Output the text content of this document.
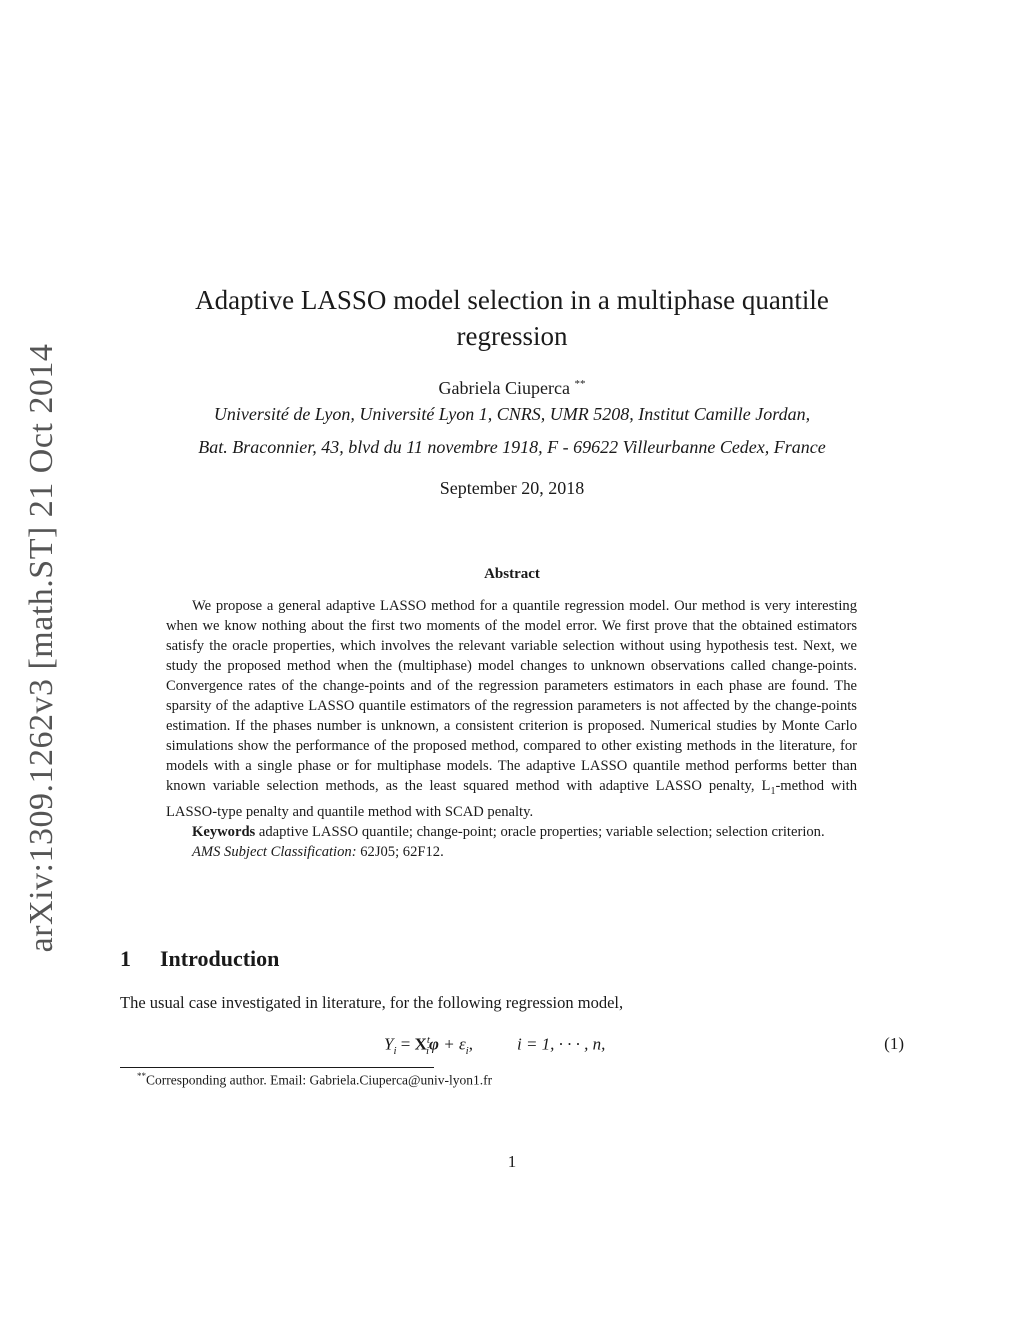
arXiv:1309.1262v3 [math.ST] 21 Oct 2014
Adaptive LASSO model selection in a multiphase quantile regression
Gabriela Ciuperca **
Université de Lyon, Université Lyon 1, CNRS, UMR 5208, Institut Camille Jordan,
Bat. Braconnier, 43, blvd du 11 novembre 1918, F - 69622 Villeurbanne Cedex, France
September 20, 2018
Abstract

We propose a general adaptive LASSO method for a quantile regression model. Our method is very interesting when we know nothing about the first two moments of the model error. We first prove that the obtained estimators satisfy the oracle properties, which involves the relevant variable selection without using hypothesis test. Next, we study the proposed method when the (multiphase) model changes to unknown observations called change-points. Convergence rates of the change-points and of the regression parameters estimators in each phase are found. The sparsity of the adaptive LASSO quantile estimators of the regression parameters is not affected by the change-points estimation. If the phases number is unknown, a consistent criterion is proposed. Numerical studies by Monte Carlo simulations show the performance of the proposed method, compared to other existing methods in the literature, for models with a single phase or for multiphase models. The adaptive LASSO quantile method performs better than known variable selection methods, as the least squared method with adaptive LASSO penalty, $L_1$-method with LASSO-type penalty and quantile method with SCAD penalty.

Keywords adaptive LASSO quantile; change-point; oracle properties; variable selection; selection criterion.

AMS Subject Classification: 62J05; 62F12.

1 Introduction
The usual case investigated in literature, for the following regression model,
$Y_i = X^t_i\varphi + \varepsilon_i$,	i = 1, · · · , n,	(1)
**Corresponding author. Email: Gabriela.Ciuperca@univ-lyon1.fr
1
